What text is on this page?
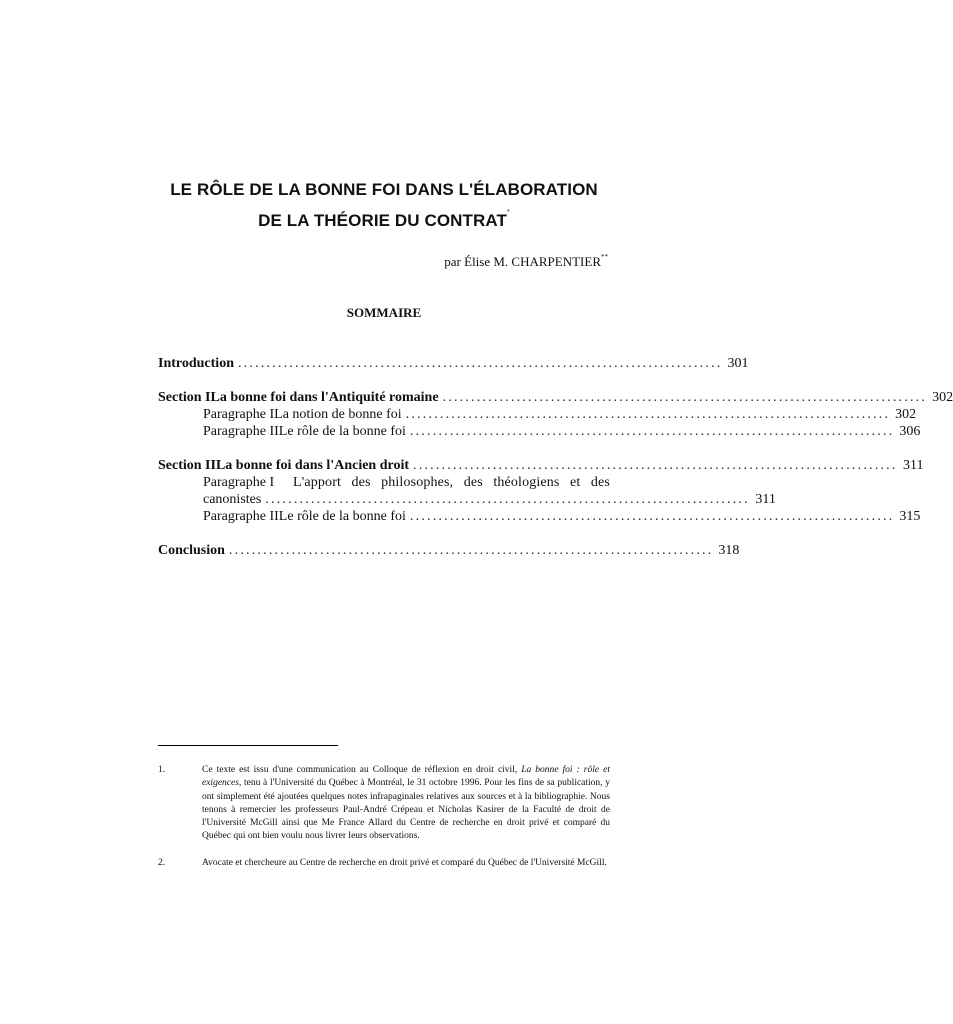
LE RÔLE DE LA BONNE FOI DANS L'ÉLABORATION
DE LA THÉORIE DU CONTRAT*
par Élise M. CHARPENTIER**
SOMMAIRE
Introduction ..................................................................................... 301
Section I La bonne foi dans l'Antiquité romaine ..................................................................................... 302
Paragraphe I La notion de bonne foi ..................................................................................... 302
Paragraphe II Le rôle de la bonne foi ..................................................................................... 306
Section II La bonne foi dans l'Ancien droit ..................................................................................... 311
Paragraphe I	L'apport des philosophes, des théologiens et des
canonistes ..................................................................................... 311
Paragraphe II Le rôle de la bonne foi ..................................................................................... 315
Conclusion ..................................................................................... 318
1.	Ce texte est issu d'une communication au Colloque de réflexion en droit civil, La bonne foi : rôle et exigences, tenu à l'Université du Québec à Montréal, le 31 octobre 1996. Pour les fins de sa publication, y ont simplement été ajoutées quelques notes infrapaginales relatives aux sources et à la bibliographie. Nous tenons à remercier les professeurs Paul-André Crépeau et Nicholas Kasirer de la Faculté de droit de l'Université McGill ainsi que Me France Allard du Centre de recherche en droit privé et comparé du Québec qui ont bien voulu nous livrer leurs observations.
2.	Avocate et chercheure au Centre de recherche en droit privé et comparé du Québec de l'Université McGill.
